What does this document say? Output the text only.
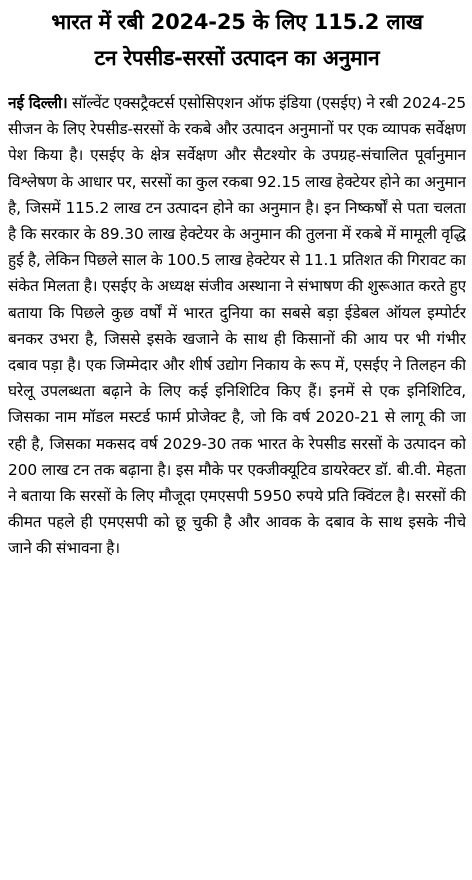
भारत में रबी 2024-25 के लिए 115.2 लाख
टन रेपसीड-सरसों उत्पादन का अनुमान

नई दिल्ली। सॉल्वेंट एक्सट्रैक्टर्स एसोसिएशन ऑफ इंडिया (एसईए) ने रबी 2024-25 सीजन के लिए रेपसीड-सरसों के रकबे और उत्पादन अनुमानों पर एक व्यापक सर्वेक्षण पेश किया है। एसईए के क्षेत्र सर्वेक्षण और सैटश्योर के उपग्रह-संचालित पूर्वानुमान विश्लेषण के आधार पर, सरसों का कुल रकबा 92.15 लाख हेक्टेयर होने का अनुमान है, जिसमें 115.2 लाख टन उत्पादन होने का अनुमान है। इन निष्कर्षों से पता चलता है कि सरकार के 89.30 लाख हेक्टेयर के अनुमान की तुलना में रकबे में मामूली वृद्धि हुई है, लेकिन पिछले साल के 100.5 लाख हेक्टेयर से 11.1 प्रतिशत की गिरावट का संकेत मिलता है। एसईए के अध्यक्ष संजीव अस्थाना ने संभाषण की शुरूआत करते हुए बताया कि पिछले कुछ वर्षों में भारत दुनिया का सबसे बड़ा ईडेबल ऑयल इम्पोर्टर बनकर उभरा है, जिससे इसके खजाने के साथ ही किसानों की आय पर भी गंभीर दबाव पड़ा है। एक जिम्मेदार और शीर्ष उद्योग निकाय के रूप में, एसईए ने तिलहन की घरेलू उपलब्धता बढ़ाने के लिए कई इनिशिटिव किए हैं। इनमें से एक इनिशिटिव, जिसका नाम मॉडल मस्टर्ड फार्म प्रोजेक्ट है, जो कि वर्ष 2020-21 से लागू की जा रही है, जिसका मकसद वर्ष 2029-30 तक भारत के रेपसीड सरसों के उत्पादन को 200 लाख टन तक बढ़ाना है। इस मौके पर एक्जीक्यूटिव डायरेक्टर डॉ. बी.वी. मेहता ने बताया कि सरसों के लिए मौजूदा एमएसपी 5950 रुपये प्रति क्विंटल है। सरसों की कीमत पहले ही एमएसपी को छू चुकी है और आवक के दबाव के साथ इसके नीचे जाने की संभावना है।
